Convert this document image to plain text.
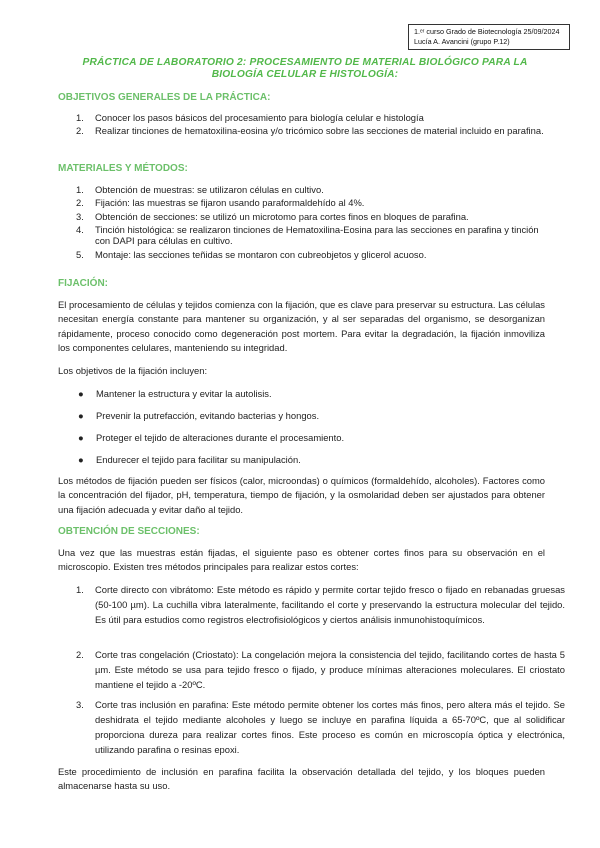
1.ᵉʳ curso Grado de Biotecnología 25/09/2024
Lucía A. Avancini (grupo P.12)
PRÁCTICA DE LABORATORIO 2: PROCESAMIENTO DE MATERIAL BIOLÓGICO PARA LA BIOLOGÍA CELULAR E HISTOLOGÍA:
OBJETIVOS GENERALES DE LA PRÁCTICA:
1. Conocer los pasos básicos del procesamiento para biología celular e histología
2. Realizar tinciones de hematoxilina-eosina y/o tricómico sobre las secciones de material incluido en parafina.
MATERIALES Y MÉTODOS:
1. Obtención de muestras: se utilizaron células en cultivo.
2. Fijación: las muestras se fijaron usando paraformaldehído al 4%.
3. Obtención de secciones: se utilizó un microtomo para cortes finos en bloques de parafina.
4. Tinción histológica: se realizaron tinciones de Hematoxilina-Eosina para las secciones en parafina y tinción con DAPI para células en cultivo.
5. Montaje: las secciones teñidas se montaron con cubreobjetos y glicerol acuoso.
FIJACIÓN:
El procesamiento de células y tejidos comienza con la fijación, que es clave para preservar su estructura. Las células necesitan energía constante para mantener su organización, y al ser separadas del organismo, se desorganizan rápidamente, proceso conocido como degeneración post mortem. Para evitar la degradación, la fijación inmoviliza los componentes celulares, manteniendo su integridad.
Los objetivos de la fijación incluyen:
● Mantener la estructura y evitar la autolisis.
● Prevenir la putrefacción, evitando bacterias y hongos.
● Proteger el tejido de alteraciones durante el procesamiento.
● Endurecer el tejido para facilitar su manipulación.
Los métodos de fijación pueden ser físicos (calor, microondas) o químicos (formaldehído, alcoholes). Factores como la concentración del fijador, pH, temperatura, tiempo de fijación, y la osmolaridad deben ser ajustados para obtener una fijación adecuada y evitar daño al tejido.
OBTENCIÓN DE SECCIONES:
Una vez que las muestras están fijadas, el siguiente paso es obtener cortes finos para su observación en el microscopio. Existen tres métodos principales para realizar estos cortes:
1. Corte directo con vibrátomo: Este método es rápido y permite cortar tejido fresco o fijado en rebanadas gruesas (50-100 µm). La cuchilla vibra lateralmente, facilitando el corte y preservando la estructura molecular del tejido. Es útil para estudios como registros electrofisiológicos y ciertos análisis inmunohistoquímicos.
2. Corte tras congelación (Criostato): La congelación mejora la consistencia del tejido, facilitando cortes de hasta 5 µm. Este método se usa para tejido fresco o fijado, y produce mínimas alteraciones moleculares. El criostato mantiene el tejido a -20ºC.
3. Corte tras inclusión en parafina: Este método permite obtener los cortes más finos, pero altera más el tejido. Se deshidrata el tejido mediante alcoholes y luego se incluye en parafina líquida a 65-70ºC, que al solidificar proporciona dureza para realizar cortes finos. Este proceso es común en microscopía óptica y electrónica, utilizando parafina o resinas epoxi.
Este procedimiento de inclusión en parafina facilita la observación detallada del tejido, y los bloques pueden almacenarse hasta su uso.
